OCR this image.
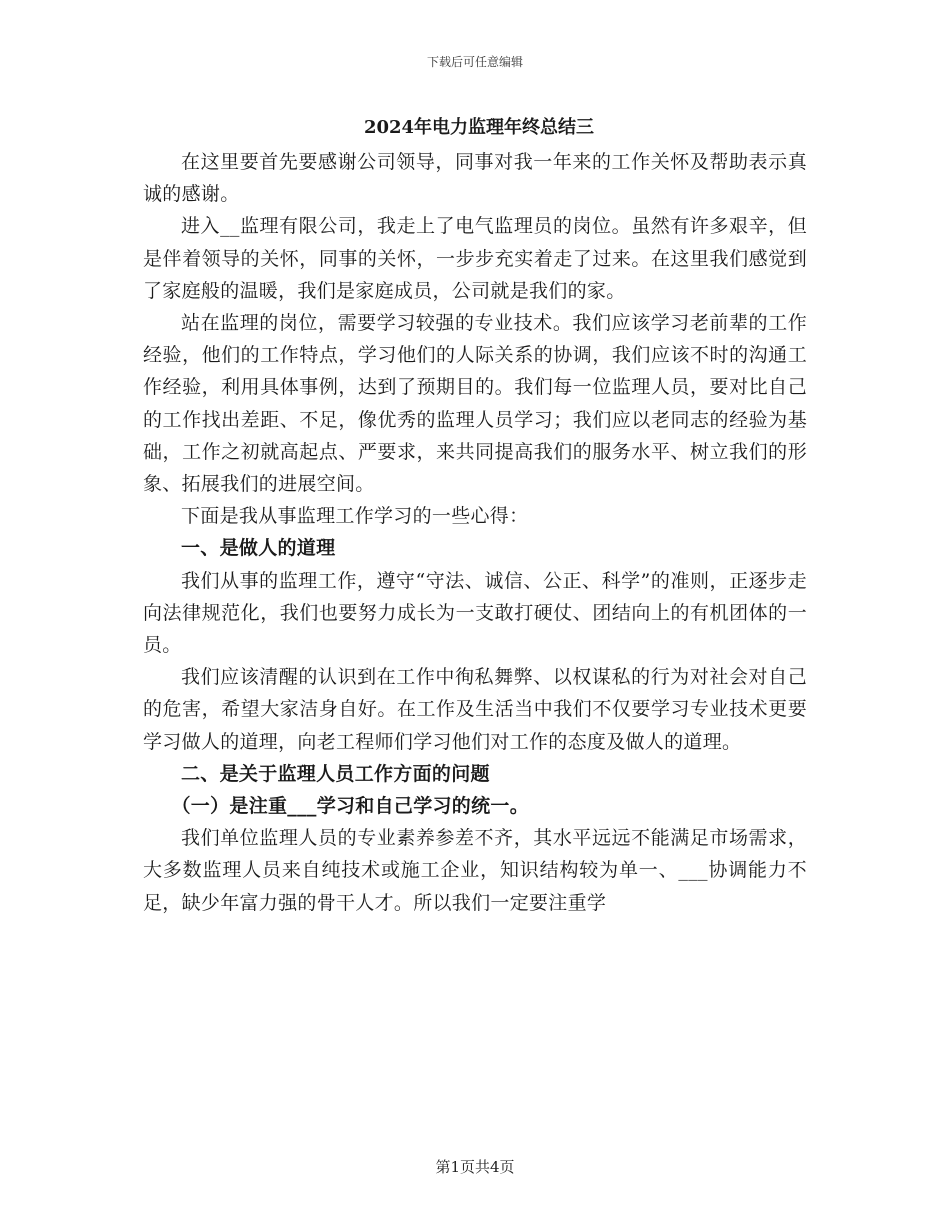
下载后可任意编辑
2024年电力监理年终总结三

在这里要首先要感谢公司领导，同事对我一年来的工作关怀及帮助表示真诚的感谢。

进入__监理有限公司，我走上了电气监理员的岗位。虽然有许多艰辛，但是伴着领导的关怀，同事的关怀，一步步充实着走了过来。在这里我们感觉到了家庭般的温暖，我们是家庭成员，公司就是我们的家。

站在监理的岗位，需要学习较强的专业技术。我们应该学习老前辈的工作经验，他们的工作特点，学习他们的人际关系的协调，我们应该不时的沟通工作经验，利用具体事例，达到了预期目的。我们每一位监理人员，要对比自己的工作找出差距、不足，像优秀的监理人员学习；我们应以老同志的经验为基础，工作之初就高起点、严要求，来共同提高我们的服务水平、树立我们的形象、拓展我们的进展空间。

下面是我从事监理工作学习的一些心得：

一、是做人的道理

我们从事的监理工作，遵守“守法、诚信、公正、科学”的准则，正逐步走向法律规范化，我们也要努力成长为一支敢打硬仗、团结向上的有机团体的一员。

我们应该清醒的认识到在工作中徇私舞弊、以权谋私的行为对社会对自己的危害，希望大家洁身自好。在工作及生活当中我们不仅要学习专业技术更要学习做人的道理，向老工程师们学习他们对工作的态度及做人的道理。

二、是关于监理人员工作方面的问题

（一）是注重___学习和自己学习的统一。

我们单位监理人员的专业素养参差不齐，其水平远远不能满足市场需求，大多数监理人员来自纯技术或施工企业，知识结构较为单一、___协调能力不足，缺少年富力强的骨干人才。所以我们一定要注重学

第1页共4页
